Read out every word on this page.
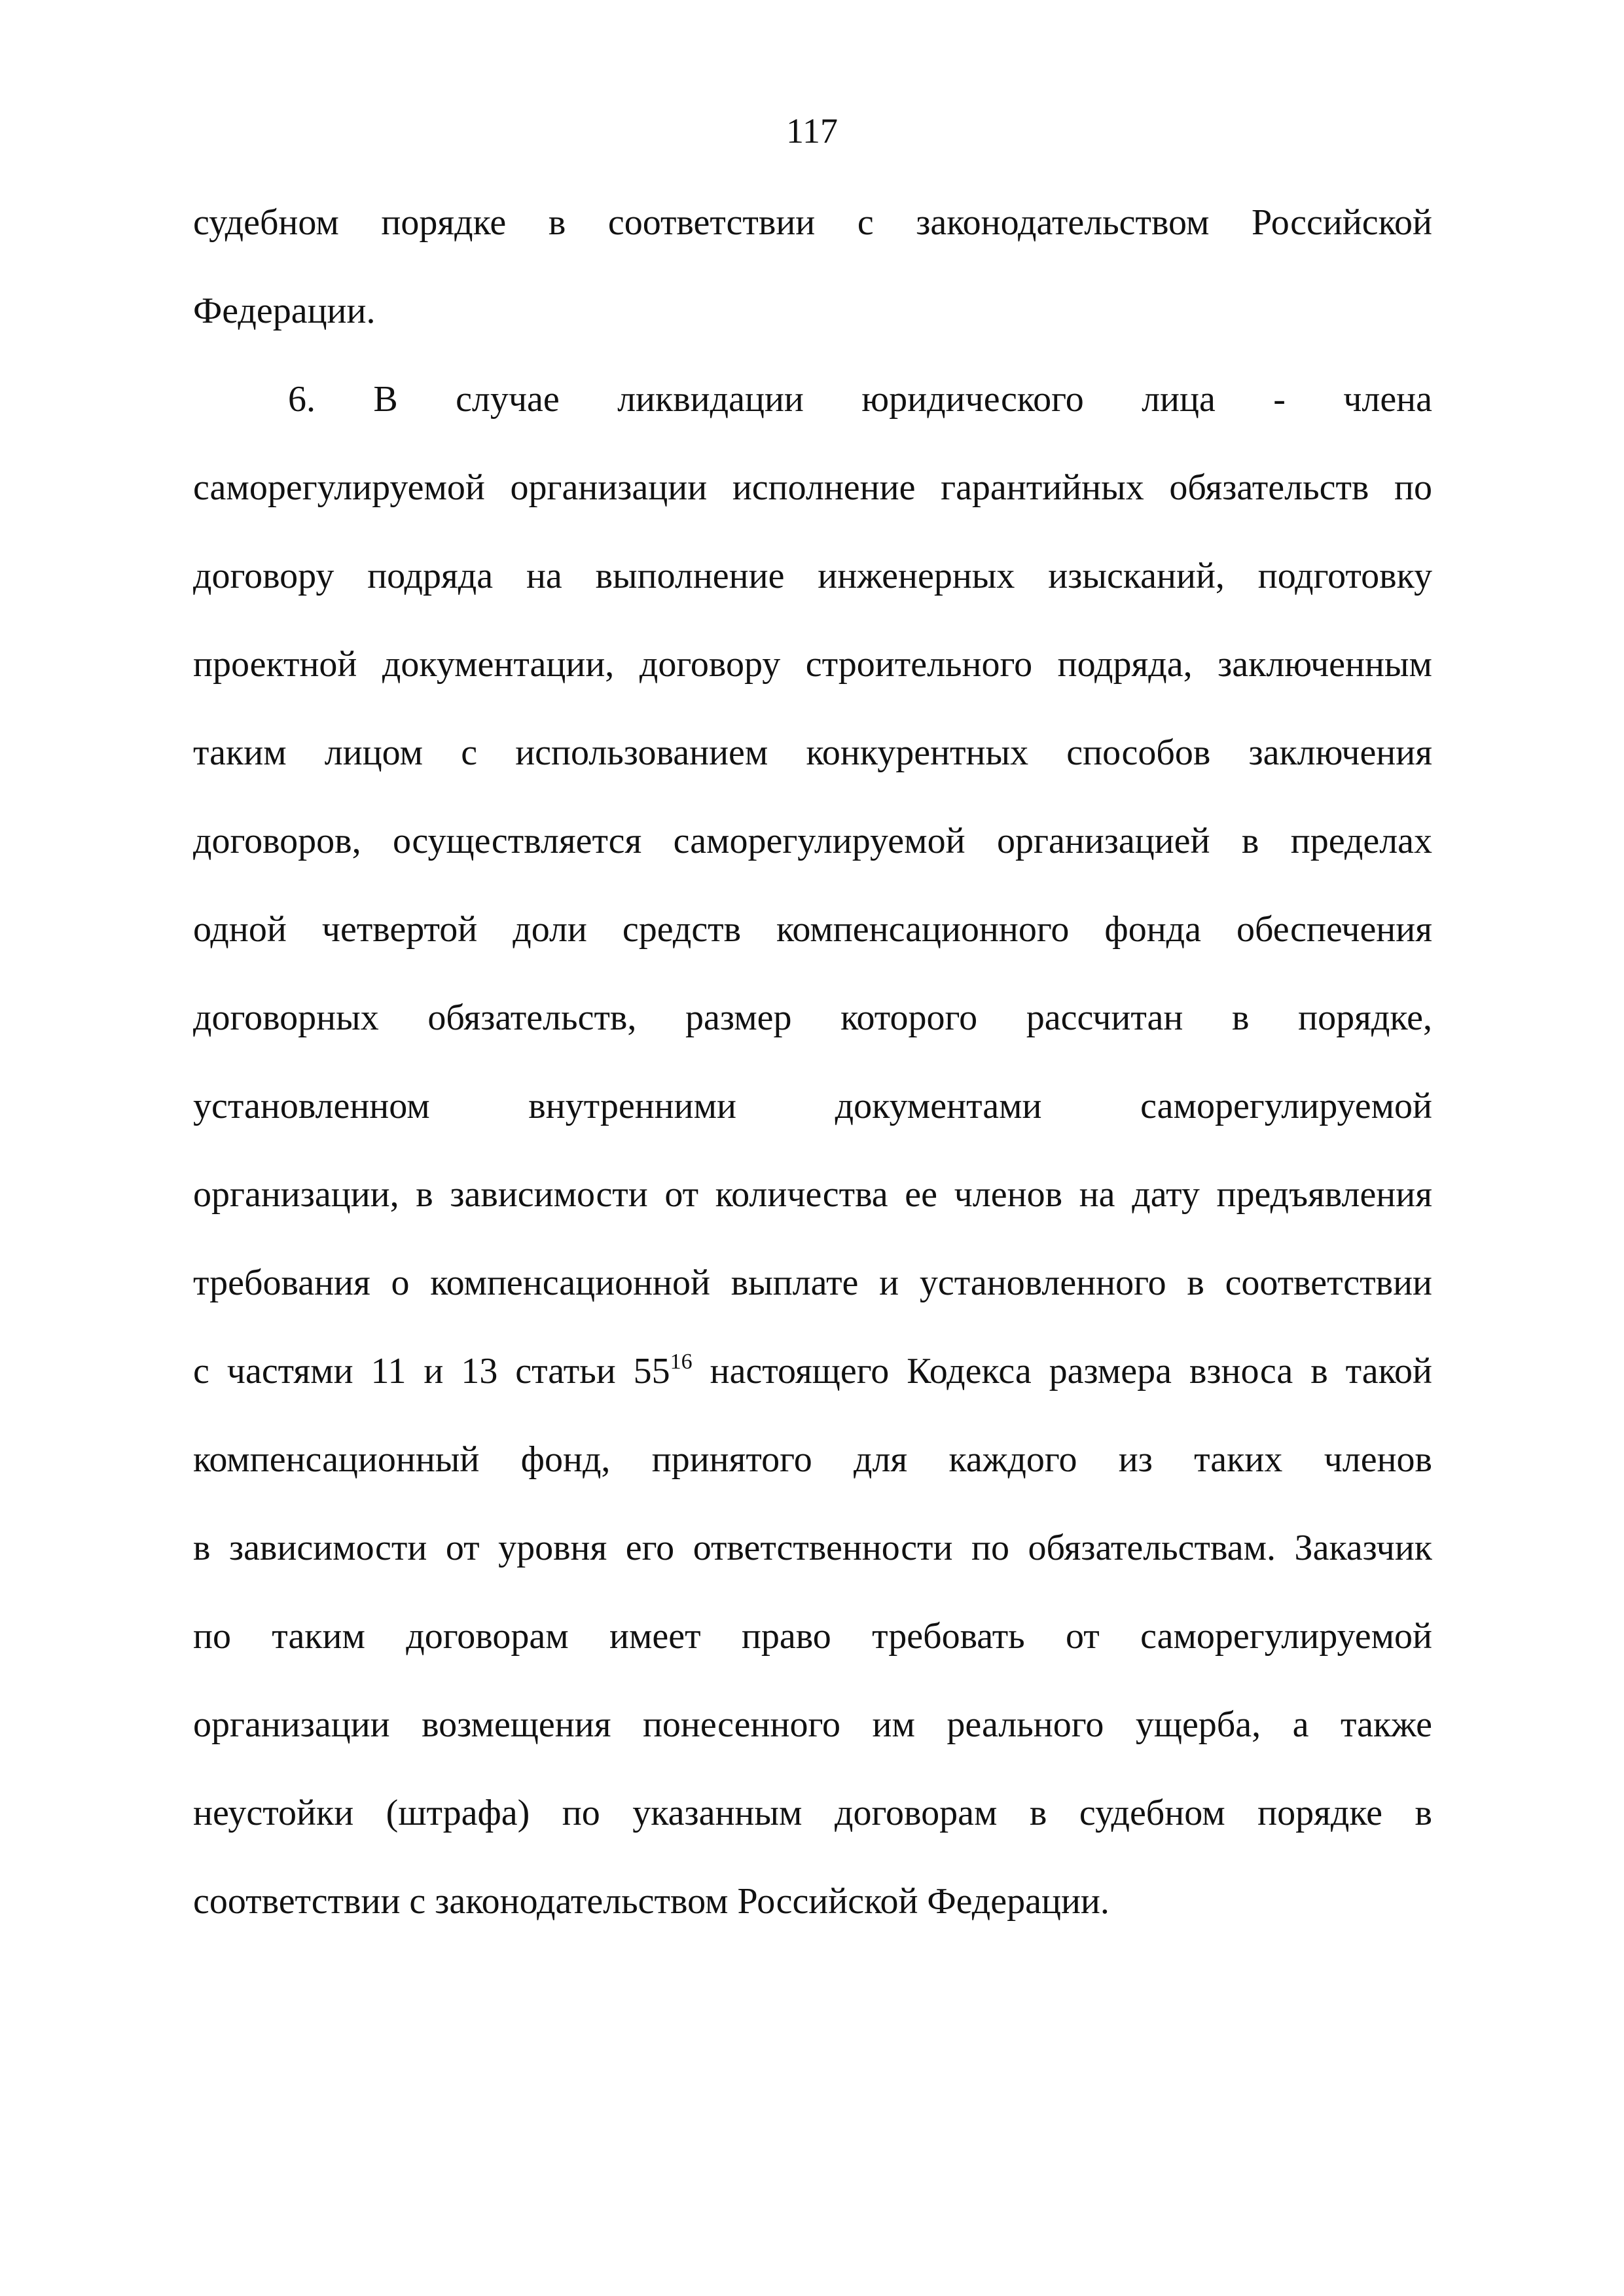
117
судебном порядке в соответствии с законодательством Российской
Федерации.
6. В случае ликвидации юридического лица - члена
саморегулируемой организации исполнение гарантийных обязательств по
договору подряда на выполнение инженерных изысканий, подготовку
проектной документации, договору строительного подряда, заключенным
таким лицом с использованием конкурентных способов заключения
договоров, осуществляется саморегулируемой организацией в пределах
одной четвертой доли средств компенсационного фонда обеспечения
договорных обязательств, размер которого рассчитан в порядке,
установленном внутренними документами саморегулируемой
организации, в зависимости от количества ее членов на дату предъявления
требования о компенсационной выплате и установленного в соответствии
с частями 11 и 13 статьи $55^{16}$ настоящего Кодекса размера взноса в такой
компенсационный фонд, принятого для каждого из таких членов
в зависимости от уровня его ответственности по обязательствам. Заказчик
по таким договорам имеет право требовать от саморегулируемой
организации возмещения понесенного им реального ущерба, а также
неустойки (штрафа) по указанным договорам в судебном порядке в
соответствии с законодательством Российской Федерации.
